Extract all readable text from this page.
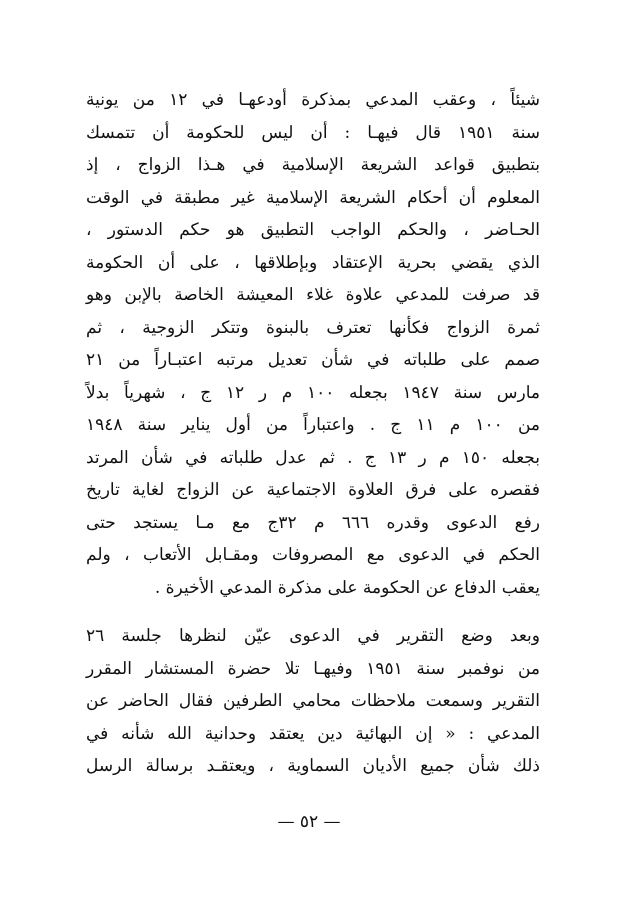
شيئاً ، وعقب المدعي بمذكرة أودعهـا في ١٢ من يونية
سنة ١٩٥١ قال فيهـا : أن ليس للحكومة أن تتمسك
بتطبيق قواعد الشريعة الإسلامية في هـذا الزواج ، إذ
المعلوم أن أحكام الشريعة الإسلامية غير مطبقة في الوقت
الحـاضر ، والحكم الواجب التطبيق هو حكم الدستور ،
الذي يقضي بحرية الإعتقاد وبإطلاقها ، على أن الحكومة
قد صرفت للمدعي علاوة غلاء المعيشة الخاصة بالإبن وهو
ثمرة الزواج فكأنها تعترف بالبنوة وتتكر الزوجية ، ثم
صمم على طلباته في شأن تعديل مرتبه اعتبـاراً من ٢١
مارس سنة ١٩٤٧ بجعله ١٠٠ م ر ١٢ ج ، شهرياً بدلاً
من ١٠٠ م ١١ ج . واعتباراً من أول يناير سنة ١٩٤٨
بجعله ١٥٠ م ر ١٣ ج . ثم عدل طلباته في شأن المرتد
فقصره على فرق العلاوة الاجتماعية عن الزواج لغاية تاريخ
رفع الدعوى وقدره ٦٦٦ م ٣٢ج مع مـا يستجد حتى
الحكم في الدعوى مع المصروفات ومقـابل الأتعاب ، ولم
يعقب الدفاع عن الحكومة على مذكرة المدعي الأخيرة .
وبعد وضع التقرير في الدعوى عيّن لنظرها جلسة ٢٦
من نوفمبر سنة ١٩٥١ وفيهـا تلا حضرة المستشار المقرر
التقرير وسمعت ملاحظات محامي الطرفين فقال الحاضر عن
المدعي : « إن البهائية دين يعتقد وحدانية الله شأنه في
ذلك شأن جميع الأديان السماوية ، ويعتقـد برسالة الرسل
— ٥٢ —
